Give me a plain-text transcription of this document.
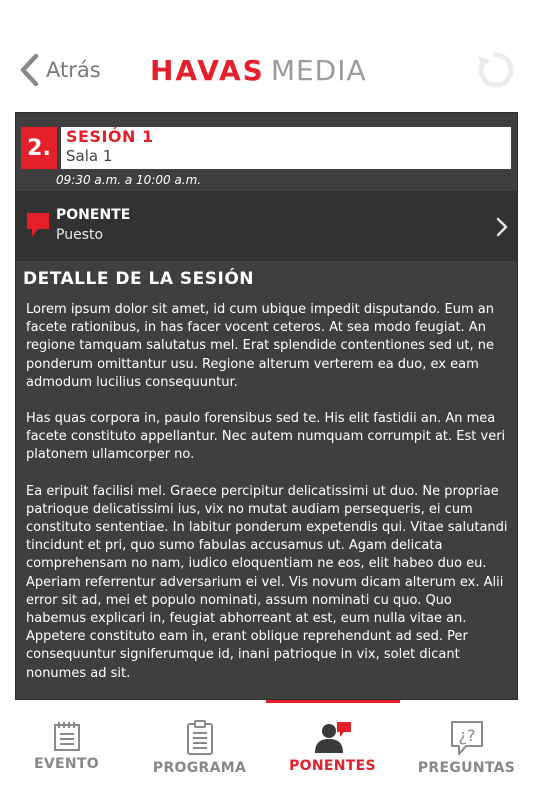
Atrás HAVAS MEDIA
2. SESIÓN 1
Sala 1
09:30 a.m. a 10:00 a.m.
PONENTE
Puesto
DETALLE DE LA SESIÓN

Lorem ipsum dolor sit amet, id cum ubique impedit disputando. Eum an facete rationibus, in has facer vocent ceteros. At sea modo feugiat. An regione tamquam salutatus mel. Erat splendide contentiones sed ut, ne ponderum omittantur usu. Regione alterum verterem ea duo, ex eam admodum lucilius consequuntur.

Has quas corpora in, paulo forensibus sed te. His elit fastidii an. An mea facete constituto appellantur. Nec autem numquam corrumpit at. Est veri platonem ullamcorper no.

Ea eripuit facilisi mel. Graece percipitur delicatissimi ut duo. Ne propriae patrioque delicatissimi ius, vix no mutat audiam persequeris, ei cum constituto sententiae. In labitur ponderum expetendis qui. Vitae salutandi tincidunt et pri, quo sumo fabulas accusamus ut. Agam delicata comprehensam no nam, iudico eloquentiam ne eos, elit habeo duo eu. Aperiam referrentur adversarium ei vel. Vis novum dicam alterum ex. Alii error sit ad, mei et populo nominati, assum nominati cu quo. Quo habemus explicari in, feugiat abhorreant at est, eum nulla vitae an. Appetere constituto eam in, erant oblique reprehendunt ad sed. Per consequuntur signiferumque id, inani patrioque in vix, solet dicant nonumes ad sit.

EVENTO	PROGRAMA	PONENTES
¿?
PREGUNTAS
